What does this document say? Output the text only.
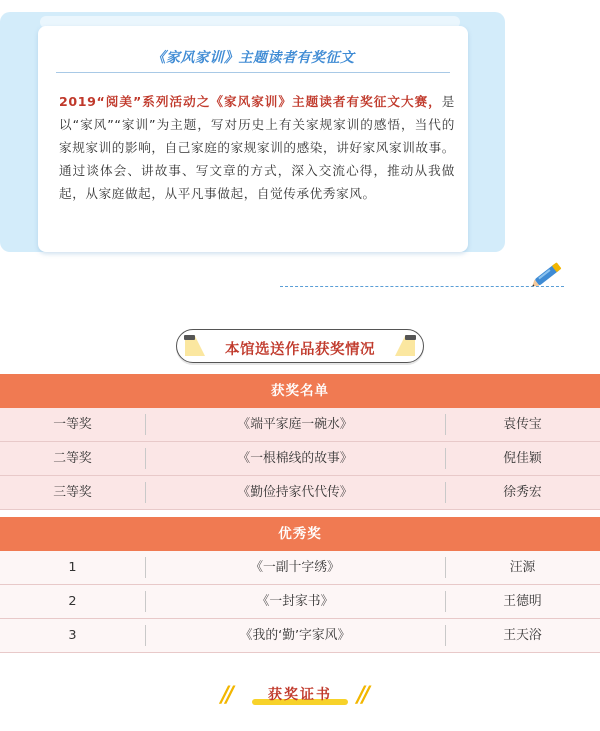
《家风家训》主题读者有奖征文
2019“阅美”系列活动之《家风家训》主题读者有奖征文大赛，是以“家风”“家训”为主题，写对历史上有关家规家训的感悟，当代的家规家训的影响，自己家庭的家规家训的感染，讲好家风家训故事。通过谈体会、讲故事、写文章的方式，深入交流心得，推动从我做起，从家庭做起，从平凡事做起，自觉传承优秀家风。
本馆选送作品获奖情况
获奖名单
一等奖	《端平家庭一碗水》	袁传宝
二等奖	《一根棉线的故事》	倪佳颖
三等奖	《勤俭持家代代传》	徐秀宏
优秀奖
1	《一副十字绣》	汪源
2	《一封家书》	王德明
3	《我的‘勤’字家风》	王天浴
//	获奖证书	//
